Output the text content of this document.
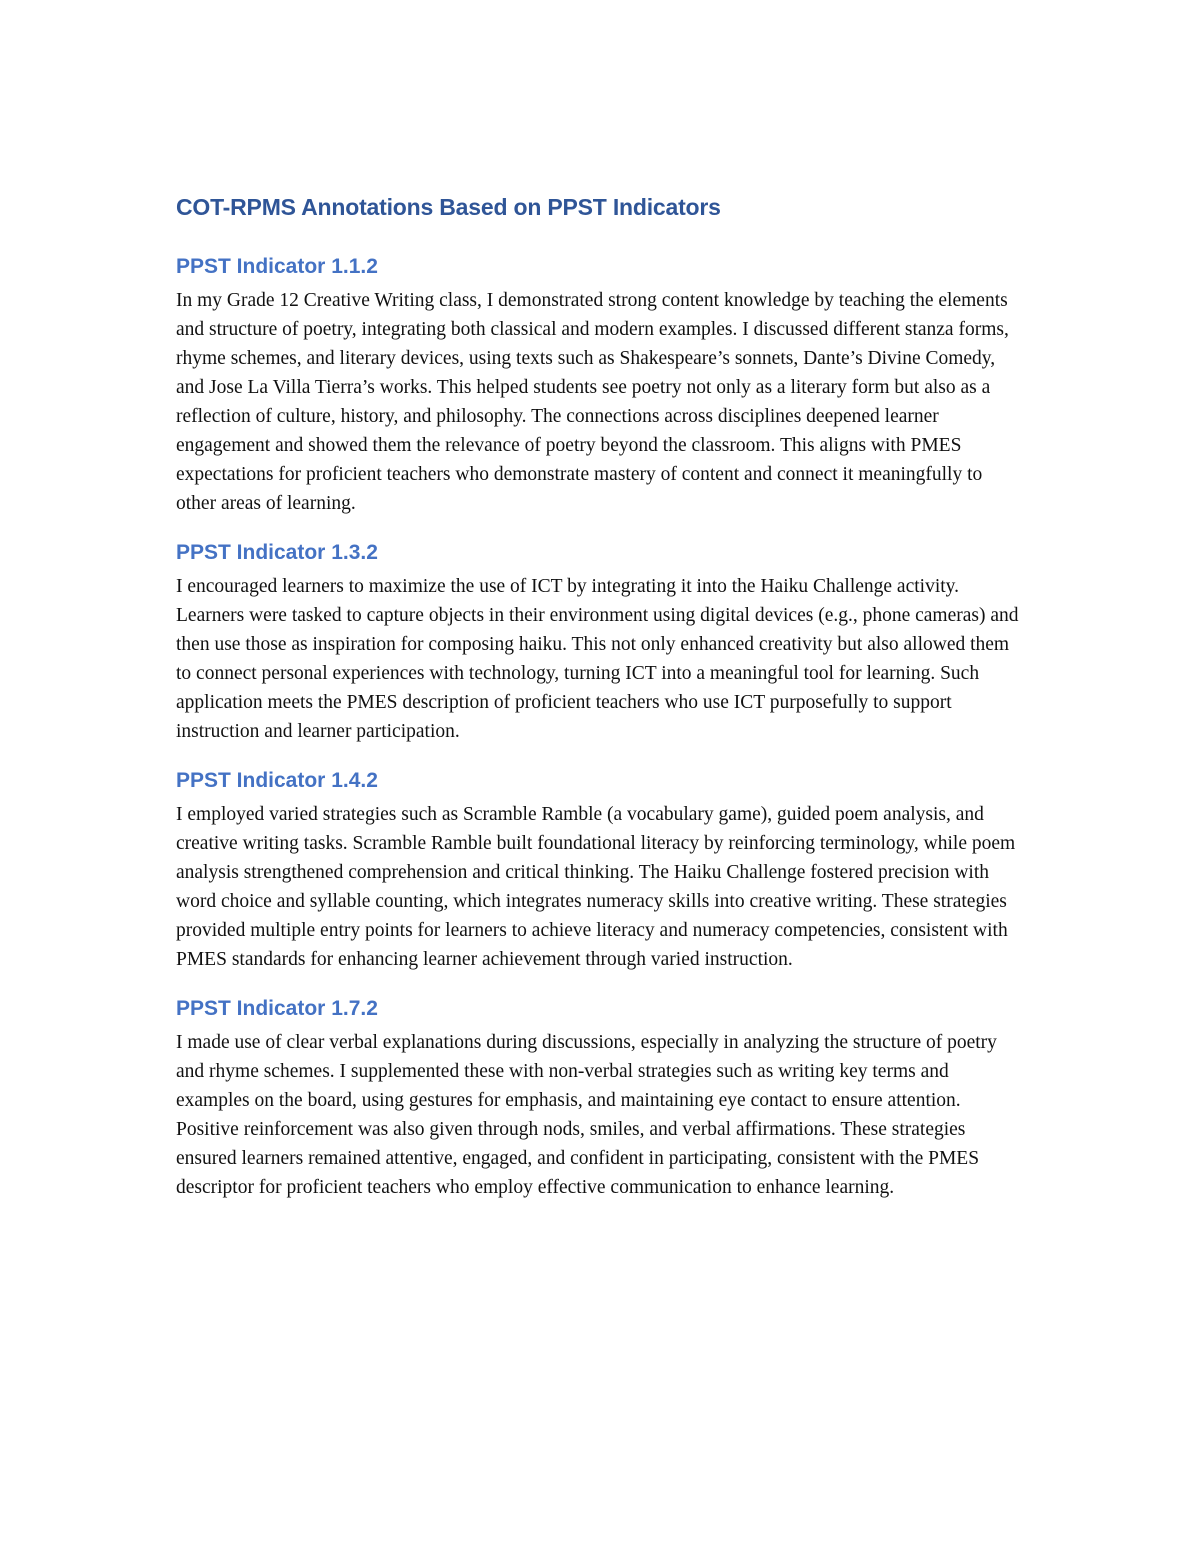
COT-RPMS Annotations Based on PPST Indicators
PPST Indicator 1.1.2

In my Grade 12 Creative Writing class, I demonstrated strong content knowledge by teaching the elements and structure of poetry, integrating both classical and modern examples. I discussed different stanza forms, rhyme schemes, and literary devices, using texts such as Shakespeare’s sonnets, Dante’s Divine Comedy, and Jose La Villa Tierra’s works. This helped students see poetry not only as a literary form but also as a reflection of culture, history, and philosophy. The connections across disciplines deepened learner engagement and showed them the relevance of poetry beyond the classroom. This aligns with PMES expectations for proficient teachers who demonstrate mastery of content and connect it meaningfully to other areas of learning.

PPST Indicator 1.3.2

I encouraged learners to maximize the use of ICT by integrating it into the Haiku Challenge activity. Learners were tasked to capture objects in their environment using digital devices (e.g., phone cameras) and then use those as inspiration for composing haiku. This not only enhanced creativity but also allowed them to connect personal experiences with technology, turning ICT into a meaningful tool for learning. Such application meets the PMES description of proficient teachers who use ICT purposefully to support instruction and learner participation.

PPST Indicator 1.4.2

I employed varied strategies such as Scramble Ramble (a vocabulary game), guided poem analysis, and creative writing tasks. Scramble Ramble built foundational literacy by reinforcing terminology, while poem analysis strengthened comprehension and critical thinking. The Haiku Challenge fostered precision with word choice and syllable counting, which integrates numeracy skills into creative writing. These strategies provided multiple entry points for learners to achieve literacy and numeracy competencies, consistent with PMES standards for enhancing learner achievement through varied instruction.

PPST Indicator 1.7.2

I made use of clear verbal explanations during discussions, especially in analyzing the structure of poetry and rhyme schemes. I supplemented these with non-verbal strategies such as writing key terms and examples on the board, using gestures for emphasis, and maintaining eye contact to ensure attention. Positive reinforcement was also given through nods, smiles, and verbal affirmations. These strategies ensured learners remained attentive, engaged, and confident in participating, consistent with the PMES descriptor for proficient teachers who employ effective communication to enhance learning.
